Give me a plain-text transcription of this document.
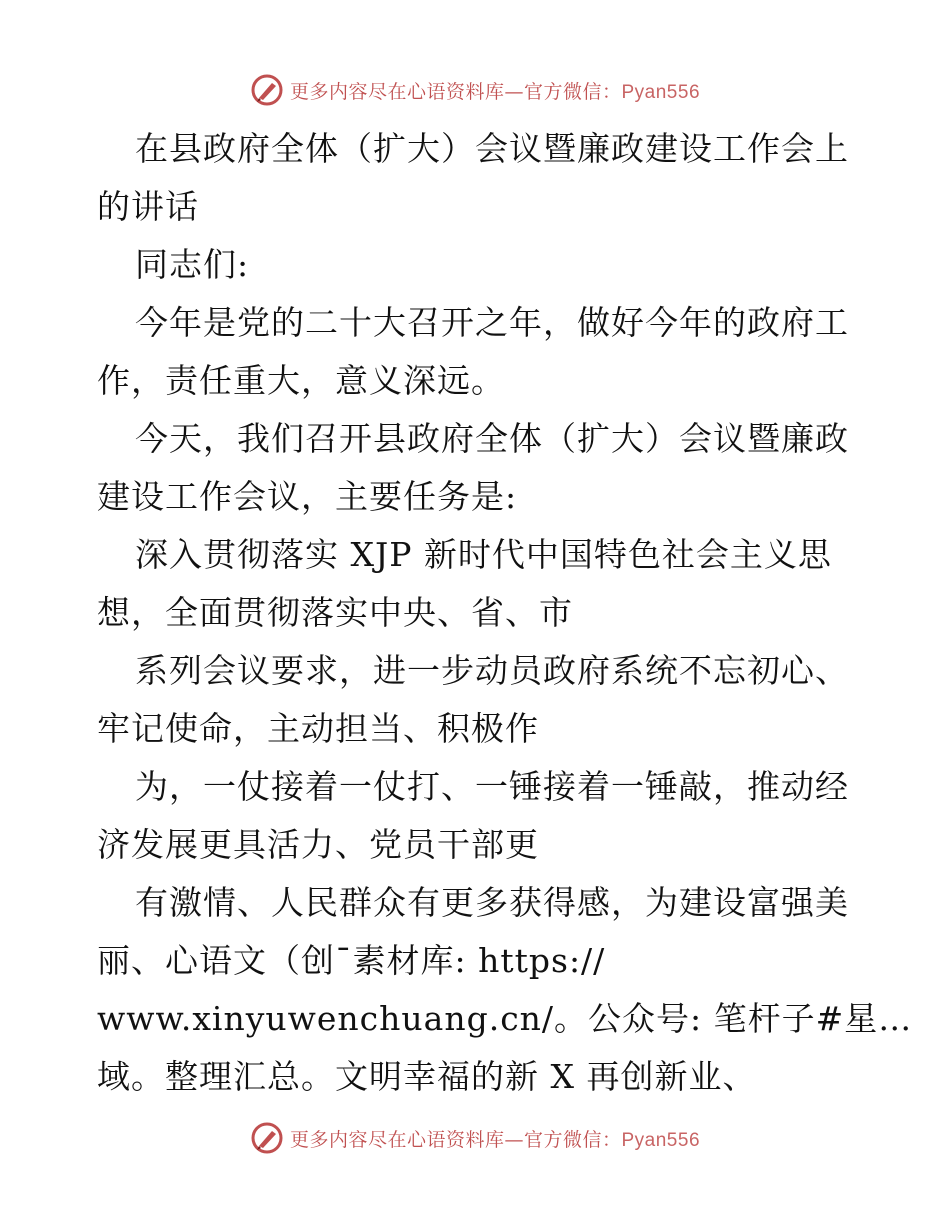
更多内容尽在心语资料库—官方微信：Pyan556
在县政府全体（扩大）会议暨廉政建设工作会上
的讲话
同志们:
今年是党的二十大召开之年，做好今年的政府工
作，责任重大，意义深远。
今天，我们召开县政府全体（扩大）会议暨廉政
建设工作会议，主要任务是:
深入贯彻落实 XJP 新时代中国特色社会主义思
想，全面贯彻落实中央、省、市
系列会议要求，进一步动员政府系统不忘初心、
牢记使命，主动担当、积极作
为，一仗接着一仗打、一锤接着一锤敲，推动经
济发展更具活力、党员干部更
有激情、人民群众有更多获得感，为建设富强美
丽、心语文（创¯素材库: https://
www.xinyuwenchuang.cn/。公众号: 笔杆子#星…
域。整理汇总。文明幸福的新 X 再创新业、
更多内容尽在心语资料库—官方微信：Pyan556
